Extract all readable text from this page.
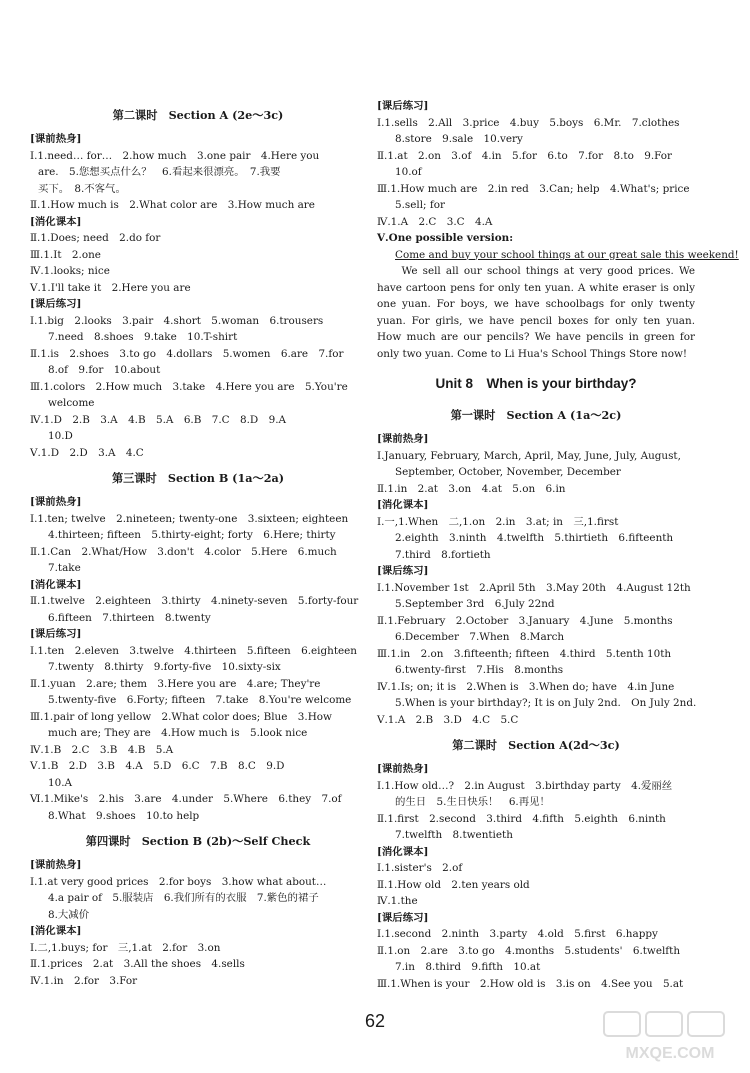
第二课时　Section A (2e～3c)
[课前热身]
Ⅰ.1.need… for…　2.how much　3.one pair　4.Here you
are.　5.您想买点什么？　6.看起来很漂亮。　7.我要
买下。　8.不客气。
Ⅱ.1.How much is　2.What color are　3.How much are
[消化课本]
Ⅱ.1.Does; need　2.do for
Ⅲ.1.It　2.one
Ⅳ.1.looks; nice
Ⅴ.1.I'll take it　2.Here you are
[课后练习]
Ⅰ.1.big　2.looks　3.pair　4.short　5.woman　6.trousers
7.need　8.shoes　9.take　10.T-shirt
Ⅱ.1.is　2.shoes　3.to go　4.dollars　5.women　6.are　7.for
8.of　9.for　10.about
Ⅲ.1.colors　2.How much　3.take　4.Here you are　5.You're
welcome
Ⅳ.1.D　2.B　3.A　4.B　5.A　6.B　7.C　8.D　9.A
10.D
Ⅴ.1.D　2.D　3.A　4.C
第三课时　Section B (1a～2a)
[课前热身]
Ⅰ.1.ten; twelve　2.nineteen; twenty-one　3.sixteen; eighteen
4.thirteen; fifteen　5.thirty-eight; forty　6.Here; thirty
Ⅱ.1.Can　2.What/How　3.don't　4.color　5.Here　6.much
7.take
[消化课本]
Ⅱ.1.twelve　2.eighteen　3.thirty　4.ninety-seven　5.forty-four
6.fifteen　7.thirteen　8.twenty
[课后练习]
Ⅰ.1.ten　2.eleven　3.twelve　4.thirteen　5.fifteen　6.eighteen
7.twenty　8.thirty　9.forty-five　10.sixty-six
Ⅱ.1.yuan　2.are; them　3.Here you are　4.are; They're
5.twenty-five　6.Forty; fifteen　7.take　8.You're welcome
Ⅲ.1.pair of long yellow　2.What color does; Blue　3.How
much are; They are　4.How much is　5.look nice
Ⅳ.1.B　2.C　3.B　4.B　5.A
Ⅴ.1.B　2.D　3.B　4.A　5.D　6.C　7.B　8.C　9.D
10.A
Ⅵ.1.Mike's　2.his　3.are　4.under　5.Where　6.they　7.of
8.What　9.shoes　10.to help
第四课时　Section B (2b)～Self Check
[课前热身]
Ⅰ.1.at very good prices　2.for boys　3.how what about…
4.a pair of　5.服装店　6.我们所有的衣服　7.紫色的裙子
8.大减价
[消化课本]
Ⅰ.二,1.buys; for　三,1.at　2.for　3.on
Ⅱ.1.prices　2.at　3.All the shoes　4.sells
Ⅳ.1.in　2.for　3.For
[课后练习]
Ⅰ.1.sells　2.All　3.price　4.buy　5.boys　6.Mr.　7.clothes
8.store　9.sale　10.very
Ⅱ.1.at　2.on　3.of　4.in　5.for　6.to　7.for　8.to　9.For
10.of
Ⅲ.1.How much are　2.in red　3.Can; help　4.What's; price
5.sell; for
Ⅳ.1.A　2.C　3.C　4.A
Ⅴ.One possible version:
Come and buy your school things at our great sale this weekend!
　　We sell all our school things at very good prices. We have cartoon pens for only ten yuan. A white eraser is only one yuan. For boys, we have schoolbags for only twenty yuan. For girls, we have pencil boxes for only ten yuan. How much are our pencils? We have pencils in green for only two yuan. Come to Li Hua's School Things Store now!
Unit 8　When is your birthday?
第一课时　Section A (1a～2c)
[课前热身]
Ⅰ.January, February, March, April, May, June, July, August,
September, October, November, December
Ⅱ.1.in　2.at　3.on　4.at　5.on　6.in
[消化课本]
Ⅰ.一,1.When　二,1.on　2.in　3.at; in　三,1.first
2.eighth　3.ninth　4.twelfth　5.thirtieth　6.fifteenth
7.third　8.fortieth
[课后练习]
Ⅰ.1.November 1st　2.April 5th　3.May 20th　4.August 12th
5.September 3rd　6.July 22nd
Ⅱ.1.February　2.October　3.January　4.June　5.months
6.December　7.When　8.March
Ⅲ.1.in　2.on　3.fifteenth; fifteen　4.third　5.tenth 10th
6.twenty-first　7.His　8.months
Ⅳ.1.Is; on; it is　2.When is　3.When do; have　4.in June
5.When is your birthday?; It is on July 2nd.　On July 2nd.
Ⅴ.1.A　2.B　3.D　4.C　5.C
第二课时　Section A(2d～3c)
[课前热身]
Ⅰ.1.How old…?　2.in August　3.birthday party　4.爱丽丝
的生日　5.生日快乐！　6.再见！
Ⅱ.1.first　2.second　3.third　4.fifth　5.eighth　6.ninth
7.twelfth　8.twentieth
[消化课本]
Ⅰ.1.sister's　2.of
Ⅱ.1.How old　2.ten years old
Ⅳ.1.the
[课后练习]
Ⅰ.1.second　2.ninth　3.party　4.old　5.first　6.happy
Ⅱ.1.on　2.are　3.to go　4.months　5.students'　6.twelfth
7.in　8.third　9.fifth　10.at
Ⅲ.1.When is your　2.How old is　3.is on　4.See you　5.at
62
MXQE.COM
